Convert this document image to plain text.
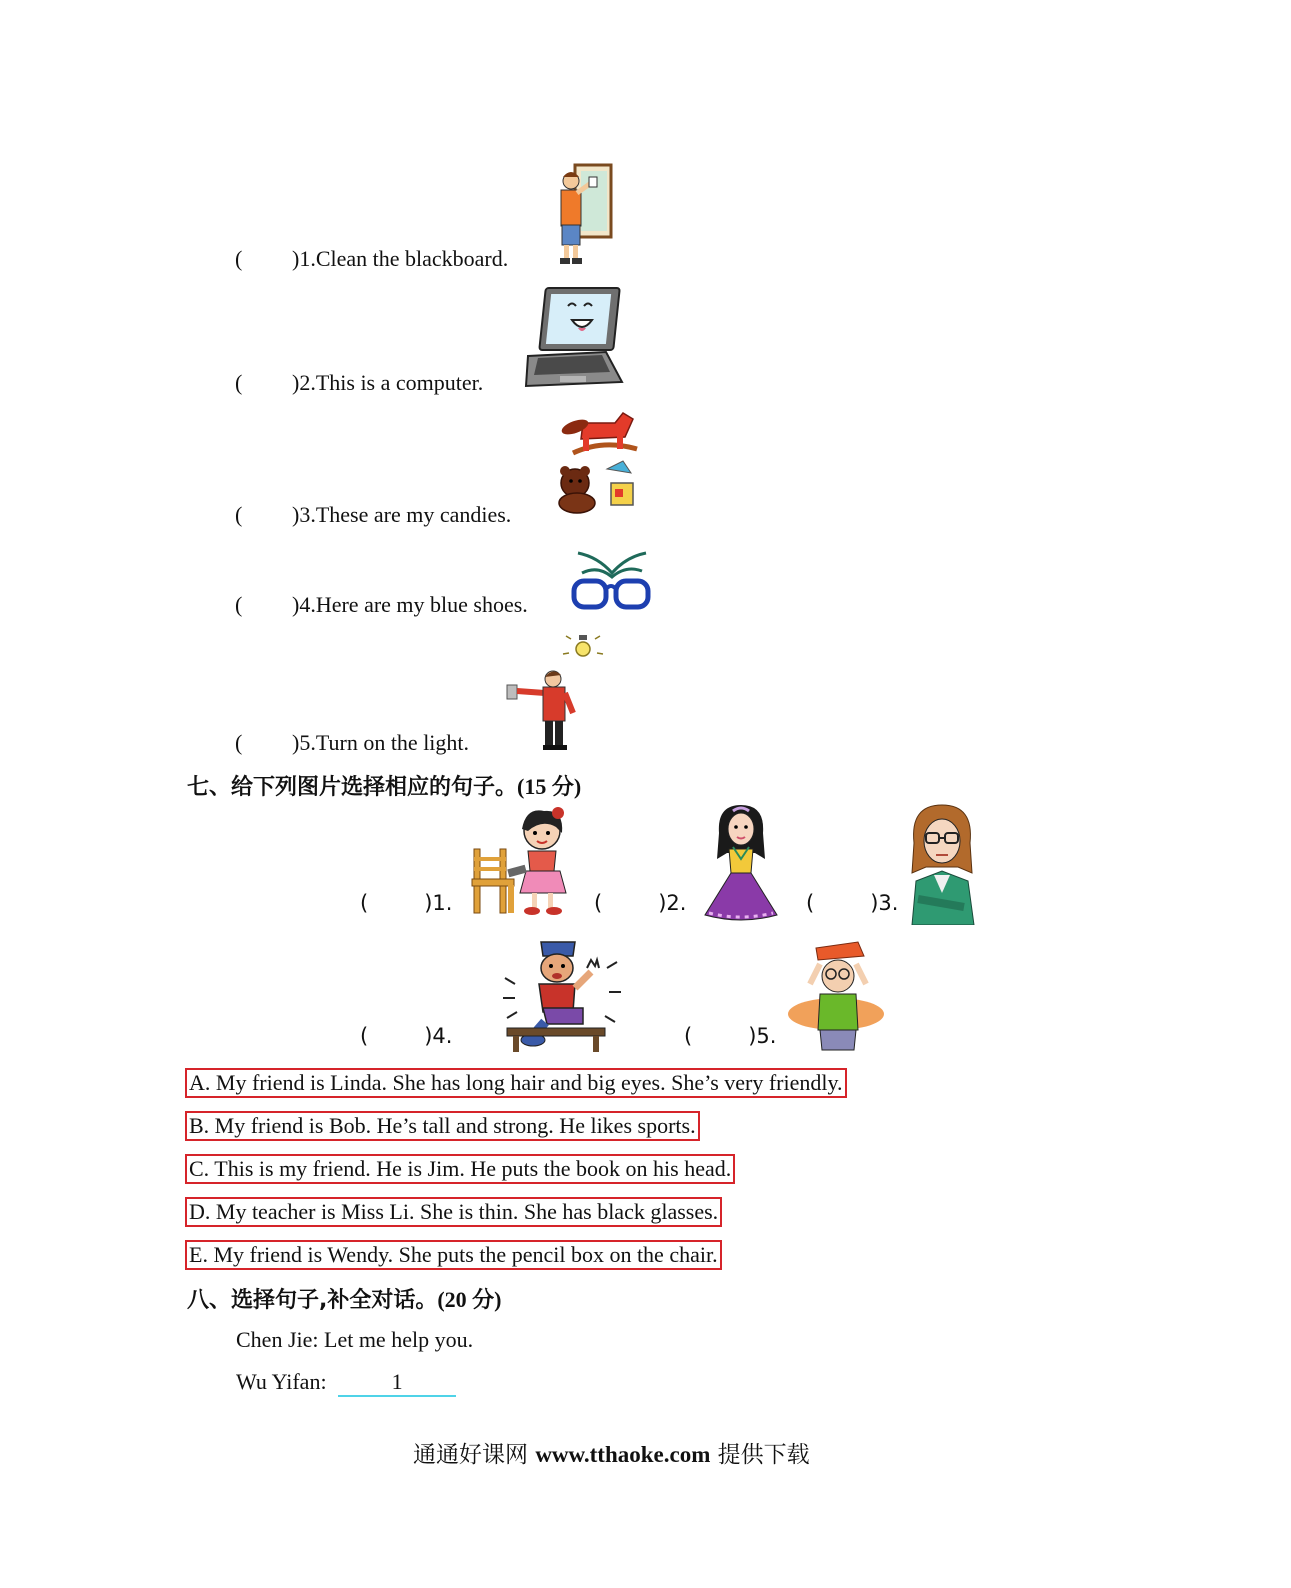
( )1.Clean the blackboard.
( )2.This is a computer.
( )3.These are my candies.
( )4.Here are my blue shoes.
( )5.Turn on the light.
七、给下列图片选择相应的句子。(15 分)
(	)1.	(	)2.	(	)3.
(	)4.	(	)5.
A. My friend is Linda. She has long hair and big eyes. She’s very friendly.
B. My friend is Bob. He’s tall and strong. He likes sports.
C. This is my friend. He is Jim. He puts the book on his head.
D. My teacher is Miss Li. She is thin. She has black glasses.
E. My friend is Wendy. She puts the pencil box on the chair.
八、选择句子,补全对话。(20 分)
Chen Jie: Let me help you.
Wu Yifan:	1
通通好课网 www.tthaoke.com 提供下载
